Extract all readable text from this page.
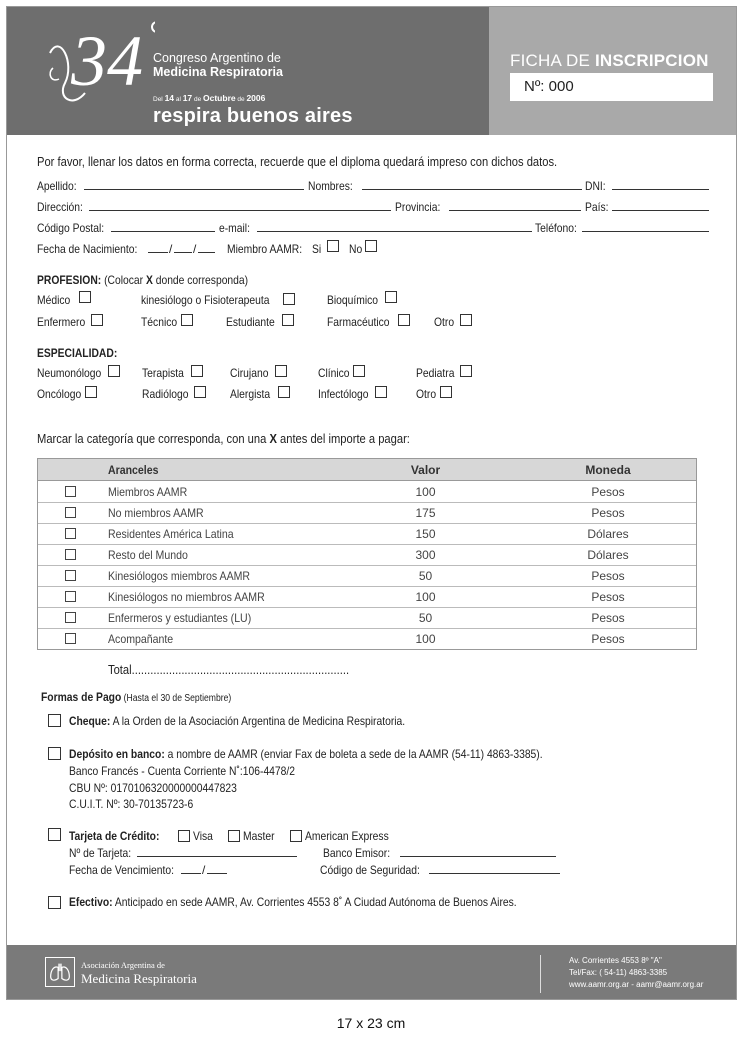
34 Congreso Argentino de
Medicina Respiratoria
Del 14 al 17 de Octubre de 2006
respira buenos aires
FICHA DE INSCRIPCION
Nº: 000
Por favor, llenar los datos en forma correcta, recuerde que el diploma quedará impreso con dichos datos.
Apellido:	Nombres:	DNI:
Dirección:	Provincia:	País:
Código Postal:	e-mail:	Teléfono:
Fecha de Nacimiento:	/ /	Miembro AAMR: Si No
PROFESION: (Colocar X donde corresponda)
Médico	kinesiólogo o Fisioterapeuta	Bioquímico
Enfermero	Técnico	Estudiante	Farmacéutico	Otro
ESPECIALIDAD:
Neumonólogo	Terapista	Cirujano	Clínico	Pediatra
Oncólogo	Radiólogo	Alergista	Infectólogo	Otro
Marcar la categoría que corresponda, con una X antes del importe a pagar:
Aranceles	Valor	Moneda
Miembros AAMR	100	Pesos
No miembros AAMR	175	Pesos
Residentes América Latina	150	Dólares
Resto del Mundo	300	Dólares
Kinesiólogos miembros AAMR	50	Pesos
Kinesiólogos no miembros AAMR	100	Pesos
Enfermeros y estudiantes (LU)	50	Pesos
Acompañante	100	Pesos
Total......................................................................
Formas de Pago (Hasta el 30 de Septiembre)
Cheque: A la Orden de la Asociación Argentina de Medicina Respiratoria.
Depósito en banco: a nombre de AAMR (enviar Fax de boleta a sede de la AAMR (54-11) 4863-3385).
Banco Francés - Cuenta Corriente N˚:106-4478/2
CBU Nº: 0170106320000000447823
C.U.I.T. Nº: 30-70135723-6
Tarjeta de Crédito:	Visa	Master	American Express
Nº de Tarjeta:	Banco Emisor:
Fecha de Vencimiento: /	Código de Seguridad:
Efectivo: Anticipado en sede AAMR, Av. Corrientes 4553 8˚ A Ciudad Autónoma de Buenos Aires.
Asociación Argentina de
Medicina Respiratoria
Av. Corrientes 4553 8º "A"
Tel/Fax: ( 54-11) 4863-3385
www.aamr.org.ar - aamr@aamr.org.ar
17 x 23 cm
